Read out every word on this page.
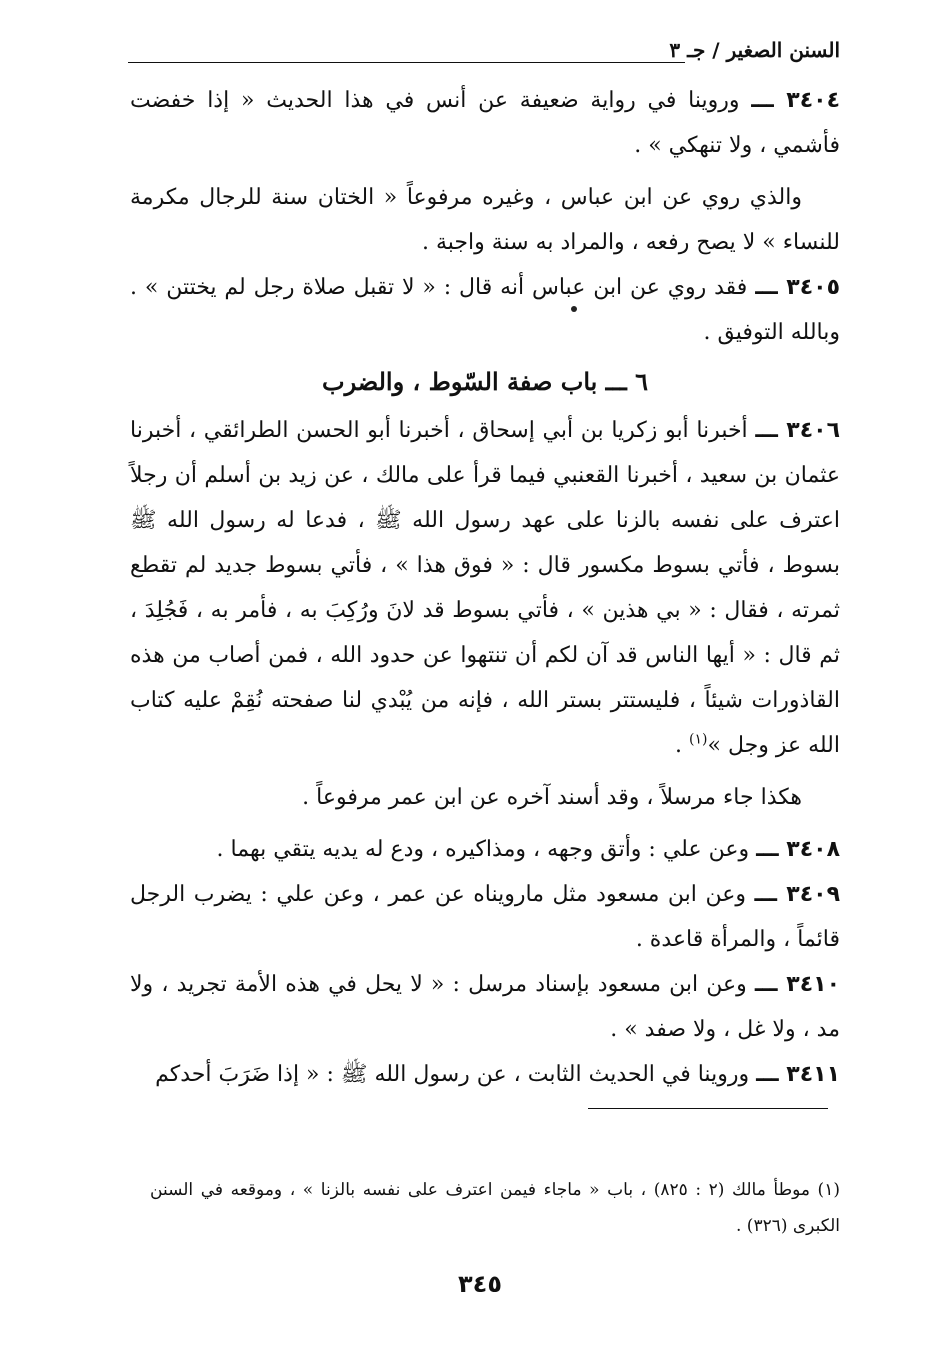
السنن الصغير / جـ ٣

٣٤٠٤ ـــ وروينا في رواية ضعيفة عن أنس في هذا الحديث « إذا خفضت فأشمي ، ولا تنهكي » .

والذي روي عن ابن عباس ، وغيره مرفوعاً « الختان سنة للرجال مكرمة للنساء » لا يصح رفعه ، والمراد به سنة واجبة .

٣٤٠٥ ـــ فقد روي عن ابن عباس أنه قال : « لا تقبل صلاة رجل لم يختتن » . وبالله التوفيق .

٦ ـــ باب صفة السّوط ، والضرب

٣٤٠٦ ـــ أخبرنا أبو زكريا بن أبي إسحاق ، أخبرنا أبو الحسن الطرائقي ، أخبرنا عثمان بن سعيد ، أخبرنا القعنبي فيما قرأ على مالك ، عن زيد بن أسلم أن رجلاً اعترف على نفسه بالزنا على عهد رسول الله ﷺ ، فدعا له رسول الله ﷺ بسوط ، فأتي بسوط مكسور قال : « فوق هذا » ، فأتي بسوط جديد لم تقطع ثمرته ، فقال : « بي هذين » ، فأتي بسوط قد لانَ ورُكِبَ به ، فأمر به ، فَجُلِدَ ، ثم قال : « أيها الناس قد آن لكم أن تنتهوا عن حدود الله ، فمن أصاب من هذه القاذورات شيئاً ، فليستتر بستر الله ، فإنه من يُبْدي لنا صفحته نُقِمْ عليه كتاب الله عز وجل »$^{(١)}$ .

هكذا جاء مرسلاً ، وقد أسند آخره عن ابن عمر مرفوعاً .

٣٤٠٨ ـــ وعن علي : وأتق وجهه ، ومذاكيره ، ودع له يديه يتقي بهما .

٣٤٠٩ ـــ وعن ابن مسعود مثل مارويناه عن عمر ، وعن علي : يضرب الرجل قائماً ، والمرأة قاعدة .

٣٤١٠ ـــ وعن ابن مسعود بإسناد مرسل : « لا يحل في هذه الأمة تجريد ، ولا مد ، ولا غل ، ولا صفد » .

٣٤١١ ـــ وروينا في الحديث الثابت ، عن رسول الله ﷺ : « إذا ضَرَبَ أحدكم

(١) موطأ مالك (٢ : ٨٢٥) ، باب « ماجاء فيمن اعترف على نفسه بالزنا » ، وموقعه في السنن الكبرى (٣٢٦) .
٣٤٥
